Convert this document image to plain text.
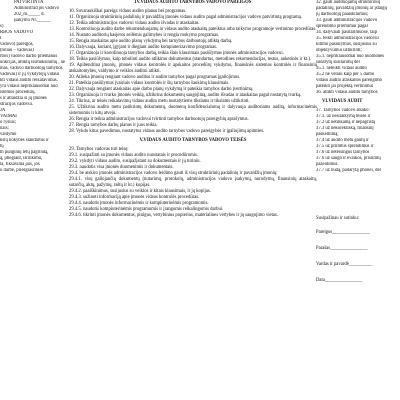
PATVIRTINTA
Administracijos vadovo
202_m._____ d.
įsakymu Nr.______
s)
RBOS VADOVO
I
vadovo) pareigos,
(toliau – vadovas)
rbos) vadovo darbo priemanus
unkcijas, atliktų išsmokšinimų , ne
mas, vadovo darbuotojų tarnybos
vadovas) ir jų vykdytojų vidaus
kti vidaus audito reikalavimus.
yra vidaus nepriklausomai nuo
istemos procedūrų.
s ir atlaidžia ši jų įmonės
stracijos vadovui.
JA
VAIMAI
o ryšius;
nais;
valdymo
kslų kokybės standartus ir
tų
m punginių letų pagrindą,
ą, įdiegiant, išrinkimu,
la, fiksavima jais, jos
o darbe, priešgiasrinies
IV.VIDAUS AUDITO TARNYBOS VADOVO PAREIGOS
10. Suvaraukiškai pareiga vidaus audito planus bei programas.
11. Organizuoja struktūrinių padalinių ir pavaldžių įmonės vidaus audito pagal administracijos vadovo patvirtintą programą.
12. Teikia administracijos vadovui vidaus audito išvadas ir ataskaitas.
13. Kontroliuoja audito darbe rekomenduojamų ar vidaus audito ataskaitų pateiktus arba taikymo programoje vertinimo procedūras.
14. Nustato auditorių kasjeros seilėmis galimybes ir rengia mokymo programas.
15. Rengia ataskaitas apie audito planų vykdymą bei tarnybos darbuotojų atliktą darbą.
16. Dalyvauja, kuriant, įgyjant ir diegiant audito kompiuterizavimo programas.
17. Organizuoja ir koordinuoja tarnybos darbą, teikia šiais klausimais pasiūlymus įmonės administracijos vadovui.
18. Teikia pasiūlymus, kaip tobulinti audito atlikimo dokumentus (standartus, metodines rekomendacijas, testus, anketinės ir kt.).
19. Apibendrina įmonių, įmonės vidaus kontrolės ir apskaitos procedūrų vykdymo, finansinės sistemos kontrolės ir finansinių atskaitomybės, valdymo ir veiklos auditui atlikti.
20. Atlieka įmonių rengiant vadovo auditus ir audito tarnybos pagal programas įgaliojimus.
21. Pateikia pasiūlymus įvairiais vidaus kontrolės ir šių tarnybos šaukimų klausimais.
22. Dalyvauja rengiant ataskaitas apie darbo planų vykdymą ir pateikia tarnybos darbo įvertinimą.
23. Organizuoja ir tvarko įmonės veiklą, užtikrina dokumentų saugojimą, audito išvadas ir ataskaitas pagal nustatytą tvarką.
24. Tikrina, ar teisės reikalavimų vidaus audito metu nustatytiems tikslams ir tikslams užtikrinti.
25. Užtikrina audito metu patikrintų dokumentų, duomenų konfidencialumą ir dalyvauja auditoriams auditą, informacinėmis sistemomis ir kitų atveju.
26. Rengia ir teikia administracijos vadovui tvirtinti tarnybos darbuotojų pareigybių aprašymus.
27. Rengia tarnybos darbų planus ir juos teikia.
28. Vykdo kitus pavedimus, nustatytus vidaus audito tarnybos vadovo pareigybės ir įgaliojimų apimties.
V.VIDAUS AUDITO TARNYBOS VADOVO TEISĖS
29. Tarnybos vadovas turi teisę:
29.1. susipažinti su įmonės vidaus audito nuostatais ir procedūromis.
29.2. vykdyti vidaus audito, susipažįstant su dokumentais ir jų turiniu.
29.3. naudotis visa įmonės duomenimis ir dokumentais.
29.4. be atskiro įmonės administracijos vadovo leidimo gauti iš visų struktūrinių padalinių ir pavaldžių įmonių:
29.4.1. visų galiojančių dokumentų (nutarimų, protokolų, administracijos vadovo įsakymų, nurodymų, finansinių ataskaitų, sutarčių, aktų, pažymų, raštų ir kt.) kopijas.
29.4.2. paaiškinimus, susijusius su veiklos ir kitais klausimais, ir jų kopijas.
29.4.3. sužinoti informaciją apie įmonės vidaus kontrolės procedūras.
29.4.4. naudotis įmonės informacinėmis ir kompiuterinėmis programomis.
29.4.5. naudotis kompiuterinėmis programomis ir įrangomis reikalingomis darbui.
29.4.6. tikrinti įmonės dokumentus, pinigus, vertybinius popierius, materialines vertybes ir jų saugojimo vietas.
32. gauti audituojamų struktūrinių
padalinių, pavaldžių įmonių ar įstaigų
jų darbuotojų paaiškinimus;
33. gauti administracijos vadovo
sprendimo priėmimui pagal
34. dalyvauti pasitarimuose, taip
35. teikti administracijos vadovui
kitimo pasiūlymus, susijusius su
objektyvumui užtikrinti;
35.1. nepriklausomai nuo nuomonės
sudarytų susitarimų dėl
35.1. neteikti vidaus audito
35.2 ne vėliau kaip per 5 darbo
vidaus audito ataskaitos parengimo
pateikti jai projektą vertinimui
36. atlikti vidaus audito tarnybos
VI.VIDAUS AUDIT
37. Tarnybos vadovo atsako:
37.1. už nesilaikymą teisės ir
37.2 už netinkamą ir nepagristą
37.3 už nekorektišką, finansinį
paskelbimą;
37.4 už audito metu gautų ir
37.5 už priimtus sprendimus ir
37.6 už neteisingus tarnybos
37.6 už saugo ir evaikos, prisiimtų
pažeidimus.
37.7 už būdą, padarytą įmonei, dėl
Susipažinau ir sutinku:
Pareigos________________
Parašas________________
Vardas ir pavardė__________
Data________________
